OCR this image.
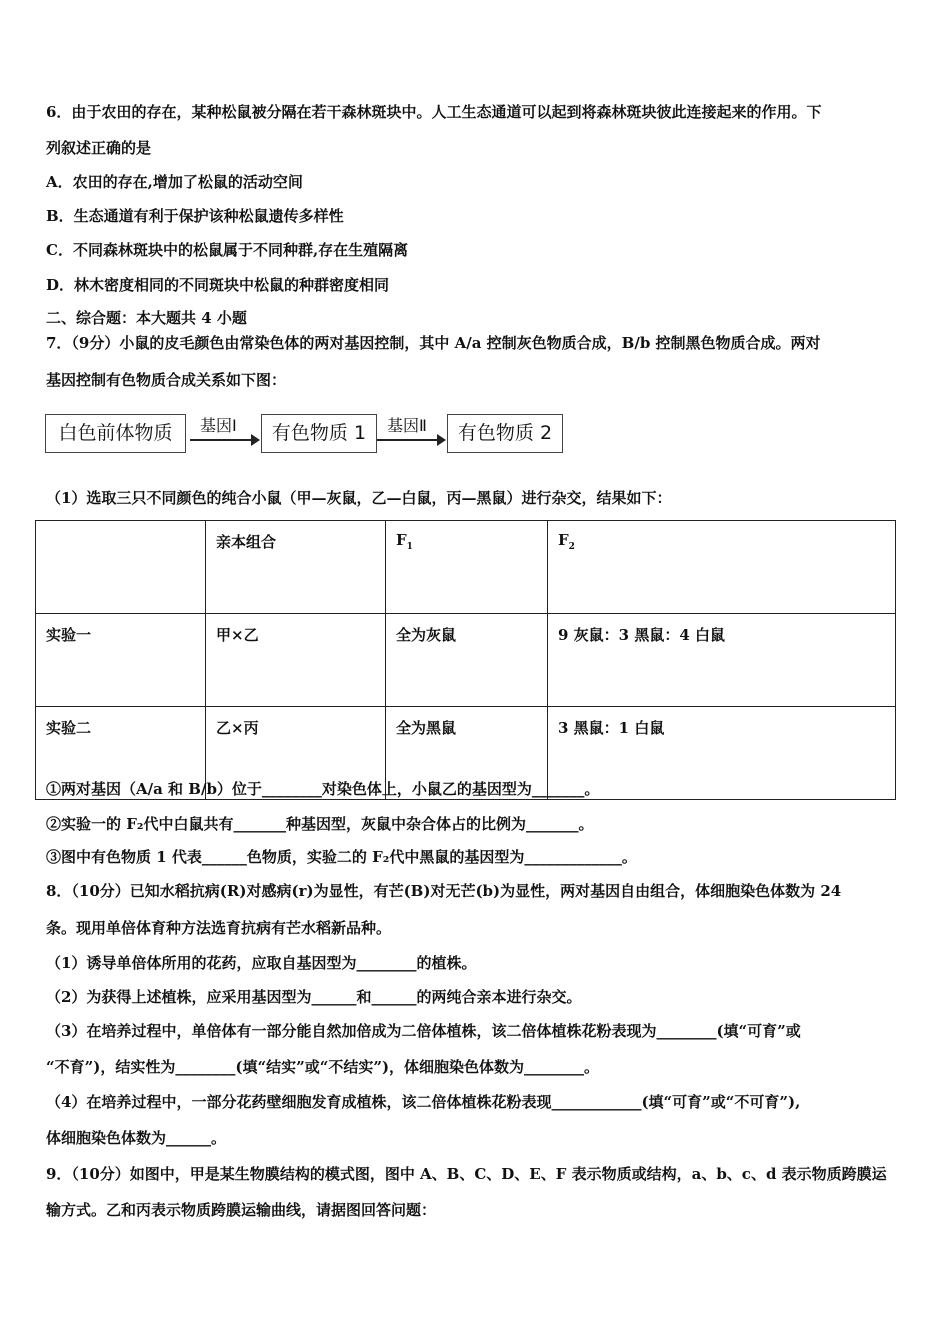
6．由于农田的存在，某种松鼠被分隔在若干森林斑块中。人工生态通道可以起到将森林斑块彼此连接起来的作用。下
列叙述正确的是
A．农田的存在,增加了松鼠的活动空间
B．生态通道有利于保护该种松鼠遗传多样性
C．不同森林斑块中的松鼠属于不同种群,存在生殖隔离
D．林木密度相同的不同斑块中松鼠的种群密度相同
二、综合题：本大题共 4 小题
7．（9分）小鼠的皮毛颜色由常染色体的两对基因控制，其中 A/a 控制灰色物质合成，B/b 控制黑色物质合成。两对
基因控制有色物质合成关系如下图：
白色前体物质	基因Ⅰ	有色物质 1	基因Ⅱ	有色物质 2
（1）选取三只不同颜色的纯合小鼠（甲—灰鼠，乙—白鼠，丙—黑鼠）进行杂交，结果如下：
	亲本组合	$F_1$	$F_2$
实验一	甲×乙	全为灰鼠	9 灰鼠：3 黑鼠：4 白鼠
实验二	乙×丙	全为黑鼠	3 黑鼠：1 白鼠
①两对基因（A/a 和 B/b）位于________对染色体上，小鼠乙的基因型为_______。
②实验一的 F₂代中白鼠共有_______种基因型，灰鼠中杂合体占的比例为_______。
③图中有色物质 1 代表______色物质，实验二的 F₂代中黑鼠的基因型为_____________。
8．（10分）已知水稻抗病(R)对感病(r)为显性，有芒(B)对无芒(b)为显性，两对基因自由组合，体细胞染色体数为 24
条。现用单倍体育种方法选育抗病有芒水稻新品种。
（1）诱导单倍体所用的花药，应取自基因型为________的植株。
（2）为获得上述植株，应采用基因型为______和______的两纯合亲本进行杂交。
（3）在培养过程中，单倍体有一部分能自然加倍成为二倍体植株，该二倍体植株花粉表现为________(填“可育”或
“不育”)，结实性为________(填“结实”或“不结实”)，体细胞染色体数为________。
（4）在培养过程中，一部分花药壁细胞发育成植株，该二倍体植株花粉表现____________(填“可育”或“不可育”),
体细胞染色体数为______。
9．（10分）如图中，甲是某生物膜结构的模式图，图中 A、B、C、D、E、F 表示物质或结构，a、b、c、d 表示物质跨膜运
输方式。乙和丙表示物质跨膜运输曲线，请据图回答问题：
